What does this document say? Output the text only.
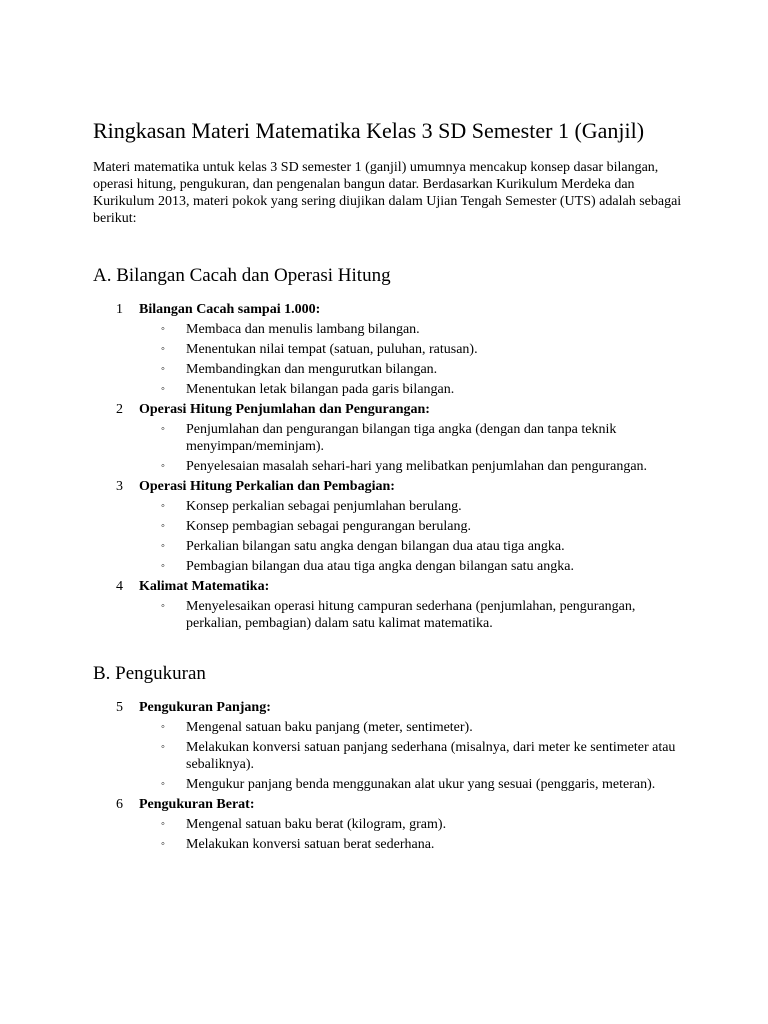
Ringkasan Materi Matematika Kelas 3 SD Semester 1 (Ganjil)

Materi matematika untuk kelas 3 SD semester 1 (ganjil) umumnya mencakup konsep dasar bilangan, operasi hitung, pengukuran, dan pengenalan bangun datar. Berdasarkan Kurikulum Merdeka dan Kurikulum 2013, materi pokok yang sering diujikan dalam Ujian Tengah Semester (UTS) adalah sebagai berikut:

A. Bilangan Cacah dan Operasi Hitung
1 Bilangan Cacah sampai 1.000:
◦ Membaca dan menulis lambang bilangan.
◦ Menentukan nilai tempat (satuan, puluhan, ratusan).
◦ Membandingkan dan mengurutkan bilangan.
◦ Menentukan letak bilangan pada garis bilangan.
2 Operasi Hitung Penjumlahan dan Pengurangan:
◦ Penjumlahan dan pengurangan bilangan tiga angka (dengan dan tanpa teknik menyimpan/meminjam).
◦ Penyelesaian masalah sehari-hari yang melibatkan penjumlahan dan pengurangan.
3 Operasi Hitung Perkalian dan Pembagian:
◦ Konsep perkalian sebagai penjumlahan berulang.
◦ Konsep pembagian sebagai pengurangan berulang.
◦ Perkalian bilangan satu angka dengan bilangan dua atau tiga angka.
◦ Pembagian bilangan dua atau tiga angka dengan bilangan satu angka.
4 Kalimat Matematika:
◦ Menyelesaikan operasi hitung campuran sederhana (penjumlahan, pengurangan, perkalian, pembagian) dalam satu kalimat matematika.
B. Pengukuran
5 Pengukuran Panjang:
◦ Mengenal satuan baku panjang (meter, sentimeter).
◦ Melakukan konversi satuan panjang sederhana (misalnya, dari meter ke sentimeter atau sebaliknya).
◦ Mengukur panjang benda menggunakan alat ukur yang sesuai (penggaris, meteran).
6 Pengukuran Berat:
◦ Mengenal satuan baku berat (kilogram, gram).
◦ Melakukan konversi satuan berat sederhana.
